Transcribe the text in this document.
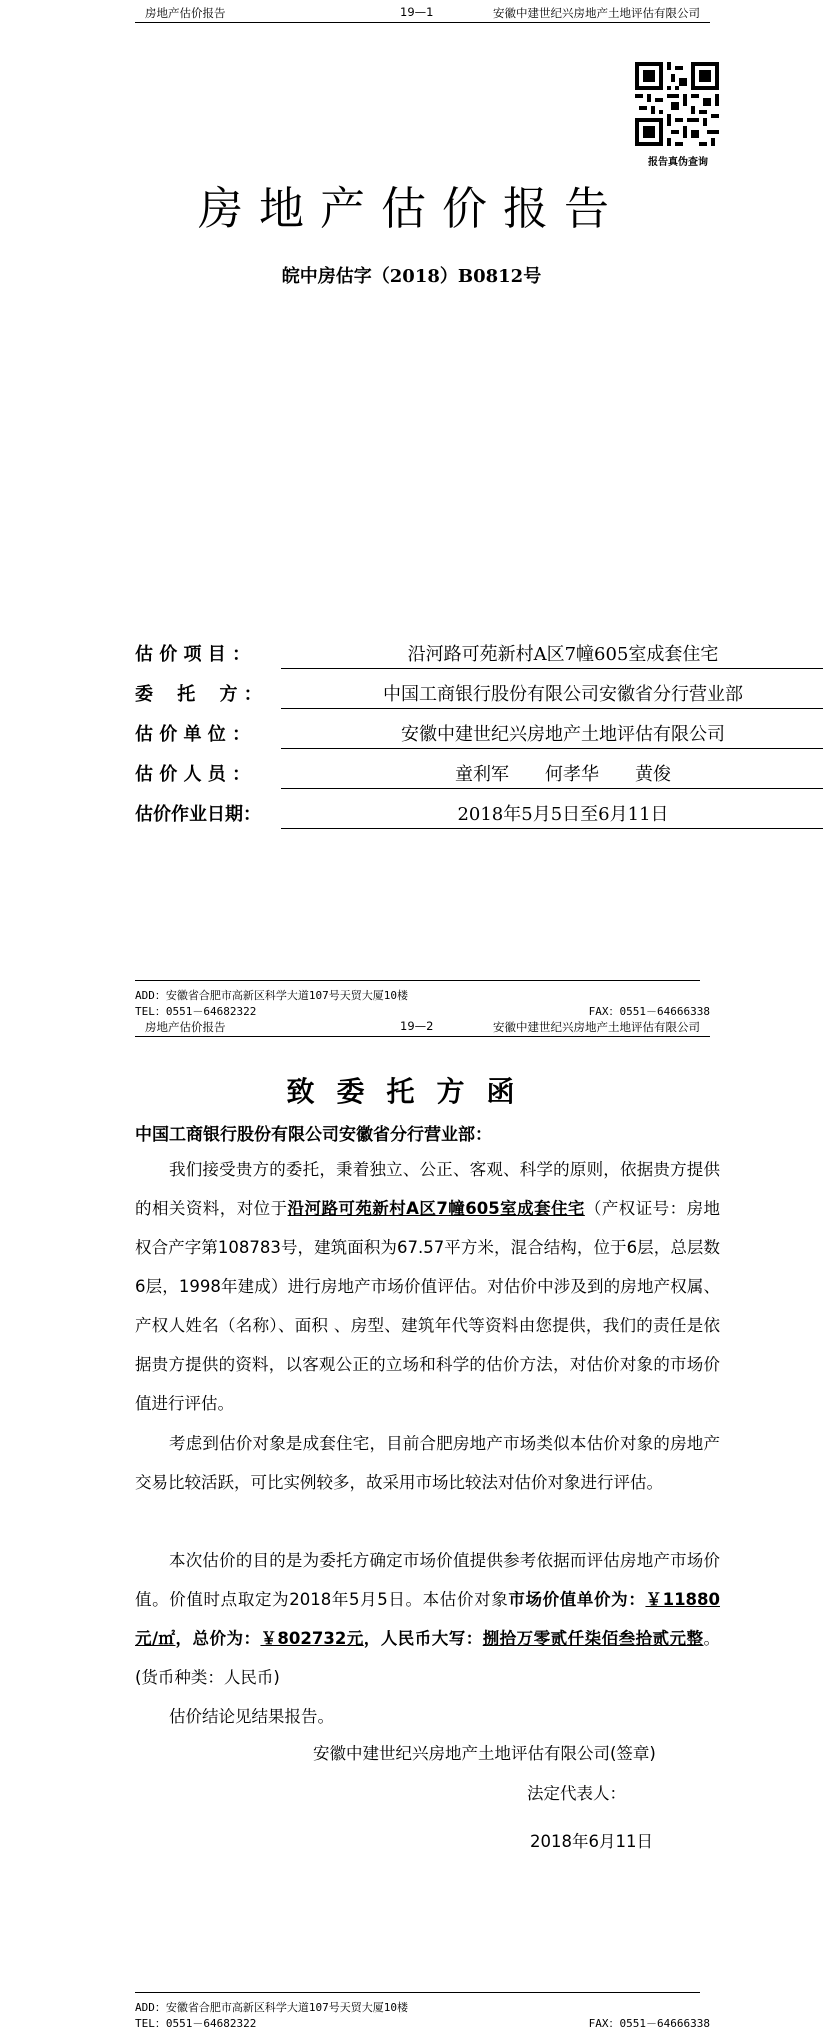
房地产估价报告	19—1	安徽中建世纪兴房地产土地评估有限公司
报告真伪查询
房地产估价报告
皖中房估字（2018）B0812号
估 价 项 目 ：	沿河路可苑新村A区7幢605室成套住宅
委　 托　 方 ：	中国工商银行股份有限公司安徽省分行营业部
估 价 单 位 ：	安徽中建世纪兴房地产土地评估有限公司
估 价 人 员 ：	童利军　　何孝华　　黄俊
估价作业日期：	2018年5月5日至6月11日
ADD：安徽省合肥市高新区科学大道107号天贸大厦10楼
TEL：0551－64682322	FAX：0551－64666338
房地产估价报告	19—2	安徽中建世纪兴房地产土地评估有限公司
致委托方函
中国工商银行股份有限公司安徽省分行营业部：
我们接受贵方的委托，秉着独立、公正、客观、科学的原则，依据贵方提供的相关资料，对位于沿河路可苑新村A区7幢605室成套住宅（产权证号：房地权合产字第108783号，建筑面积为67.57平方米，混合结构，位于6层，总层数6层，1998年建成）进行房地产市场价值评估。对估价中涉及到的房地产权属、产权人姓名（名称）、面积 、房型、建筑年代等资料由您提供，我们的责任是依据贵方提供的资料，以客观公正的立场和科学的估价方法，对估价对象的市场价值进行评估。
考虑到估价对象是成套住宅，目前合肥房地产市场类似本估价对象的房地产交易比较活跃，可比实例较多，故采用市场比较法对估价对象进行评估。
本次估价的目的是为委托方确定市场价值提供参考依据而评估房地产市场价值。价值时点取定为2018年5月5日。本估价对象市场价值单价为：￥11880元/㎡，总价为：￥802732元，人民币大写：捌拾万零贰仟柒佰叁拾贰元整。(货币种类：人民币)
估价结论见结果报告。
安徽中建世纪兴房地产土地评估有限公司(签章)
法定代表人：
2018年6月11日
ADD：安徽省合肥市高新区科学大道107号天贸大厦10楼
TEL：0551－64682322	FAX：0551－64666338
